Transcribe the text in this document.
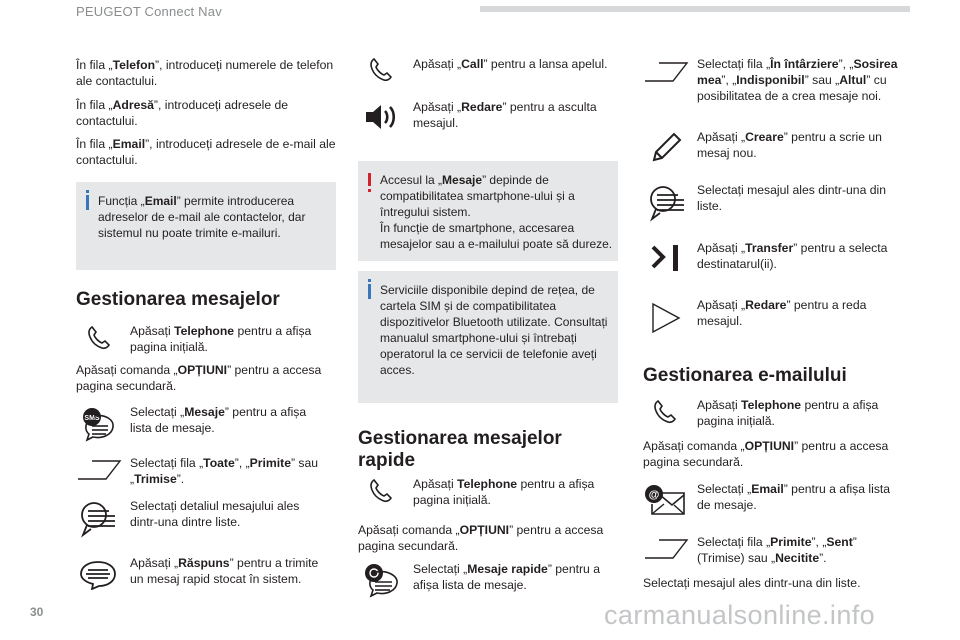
PEUGEOT Connect Nav

În fila „Telefon”, introduceți numerele de telefon ale contactului.

În fila „Adresă”, introduceți adresele de contactului.

În fila „Email”, introduceți adresele de e-mail ale contactului.

Funcția „Email” permite introducerea adreselor de e-mail ale contactelor, dar sistemul nu poate trimite e-mailuri.
Gestionarea mesajelor

Apăsați Telephone pentru a afișa pagina inițială.

Apăsați comanda „OPȚIUNI” pentru a accesa pagina secundară.

SMS Selectați „Mesaje” pentru a afișa lista de mesaje.

Selectați fila „Toate”, „Primite” sau „Trimise”.

Selectați detaliul mesajului ales dintr-una dintre liste.

Apăsați „Răspuns” pentru a trimite un mesaj rapid stocat în sistem.

Apăsați „Call” pentru a lansa apelul.

Apăsați „Redare” pentru a asculta mesajul.

Accesul la „Mesaje” depinde de compatibilitatea smartphone-ului și a întregului sistem.
În funcție de smartphone, accesarea mesajelor sau a e-mailului poate să dureze.
Serviciile disponibile depind de rețea, de cartela SIM și de compatibilitatea dispozitivelor Bluetooth utilizate. Consultați manualul smartphone-ului și întrebați operatorul la ce servicii de telefonie aveți acces.
Gestionarea mesajelor rapide

Apăsați Telephone pentru a afișa pagina inițială.

Apăsați comanda „OPȚIUNI” pentru a accesa pagina secundară.

Selectați „Mesaje rapide” pentru a afișa lista de mesaje.

Selectați fila „În întârziere”, „Sosirea mea”, „Indisponibil” sau „Altul” cu posibilitatea de a crea mesaje noi.

Apăsați „Creare” pentru a scrie un mesaj nou.

Selectați mesajul ales dintr-una din liste.

Apăsați „Transfer” pentru a selecta destinatarul(ii).

Apăsați „Redare” pentru a reda mesajul.

Gestionarea e-mailului

Apăsați Telephone pentru a afișa pagina inițială.

Apăsați comanda „OPȚIUNI” pentru a accesa pagina secundară.

@	Selectați „Email” pentru a afișa lista de mesaje.

Selectați fila „Primite”, „Sent” (Trimise) sau „Necitite”.

Selectați mesajul ales dintr-una din liste.

30	carmanualsonline.info
